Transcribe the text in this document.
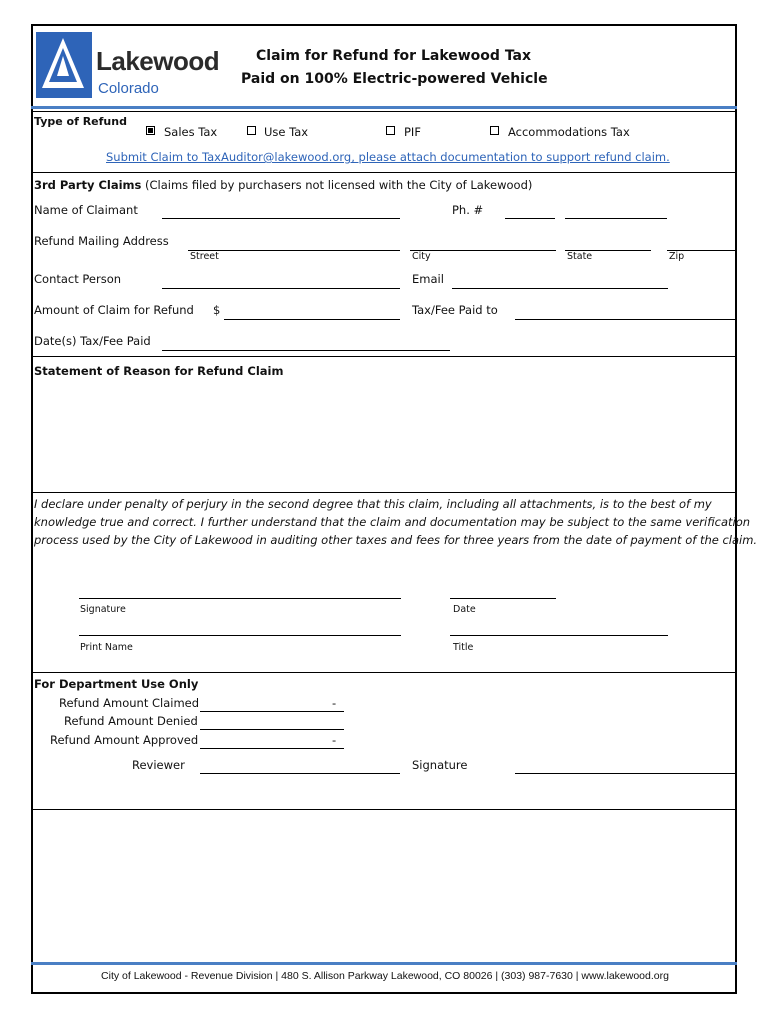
Lakewood
Colorado
Claim for Refund for Lakewood Tax
Paid on 100% Electric-powered Vehicle
Type of Refund
Sales Tax	Use Tax	PIF	Accommodations Tax
Submit Claim to TaxAuditor@lakewood.org, please attach documentation to support refund claim.
3rd Party Claims (Claims filed by purchasers not licensed with the City of Lakewood)
Name of Claimant	Ph. #
Refund Mailing Address
Street	City	State	Zip
Contact Person	Email
Amount of Claim for Refund $	Tax/Fee Paid to
Date(s) Tax/Fee Paid
Statement of Reason for Refund Claim
I declare under penalty of perjury in the second degree that this claim, including all attachments, is to the best of my
knowledge true and correct. I further understand that the claim and documentation may be subject to the same verification
process used by the City of Lakewood in auditing other taxes and fees for three years from the date of payment of the claim.
Signature	Date
Print Name	Title
For Department Use Only
Refund Amount Claimed	-
Refund Amount Denied
Refund Amount Approved	-
Reviewer	Signature
City of Lakewood - Revenue Division | 480 S. Allison Parkway Lakewood, CO 80026 | (303) 987-7630 | www.lakewood.org
